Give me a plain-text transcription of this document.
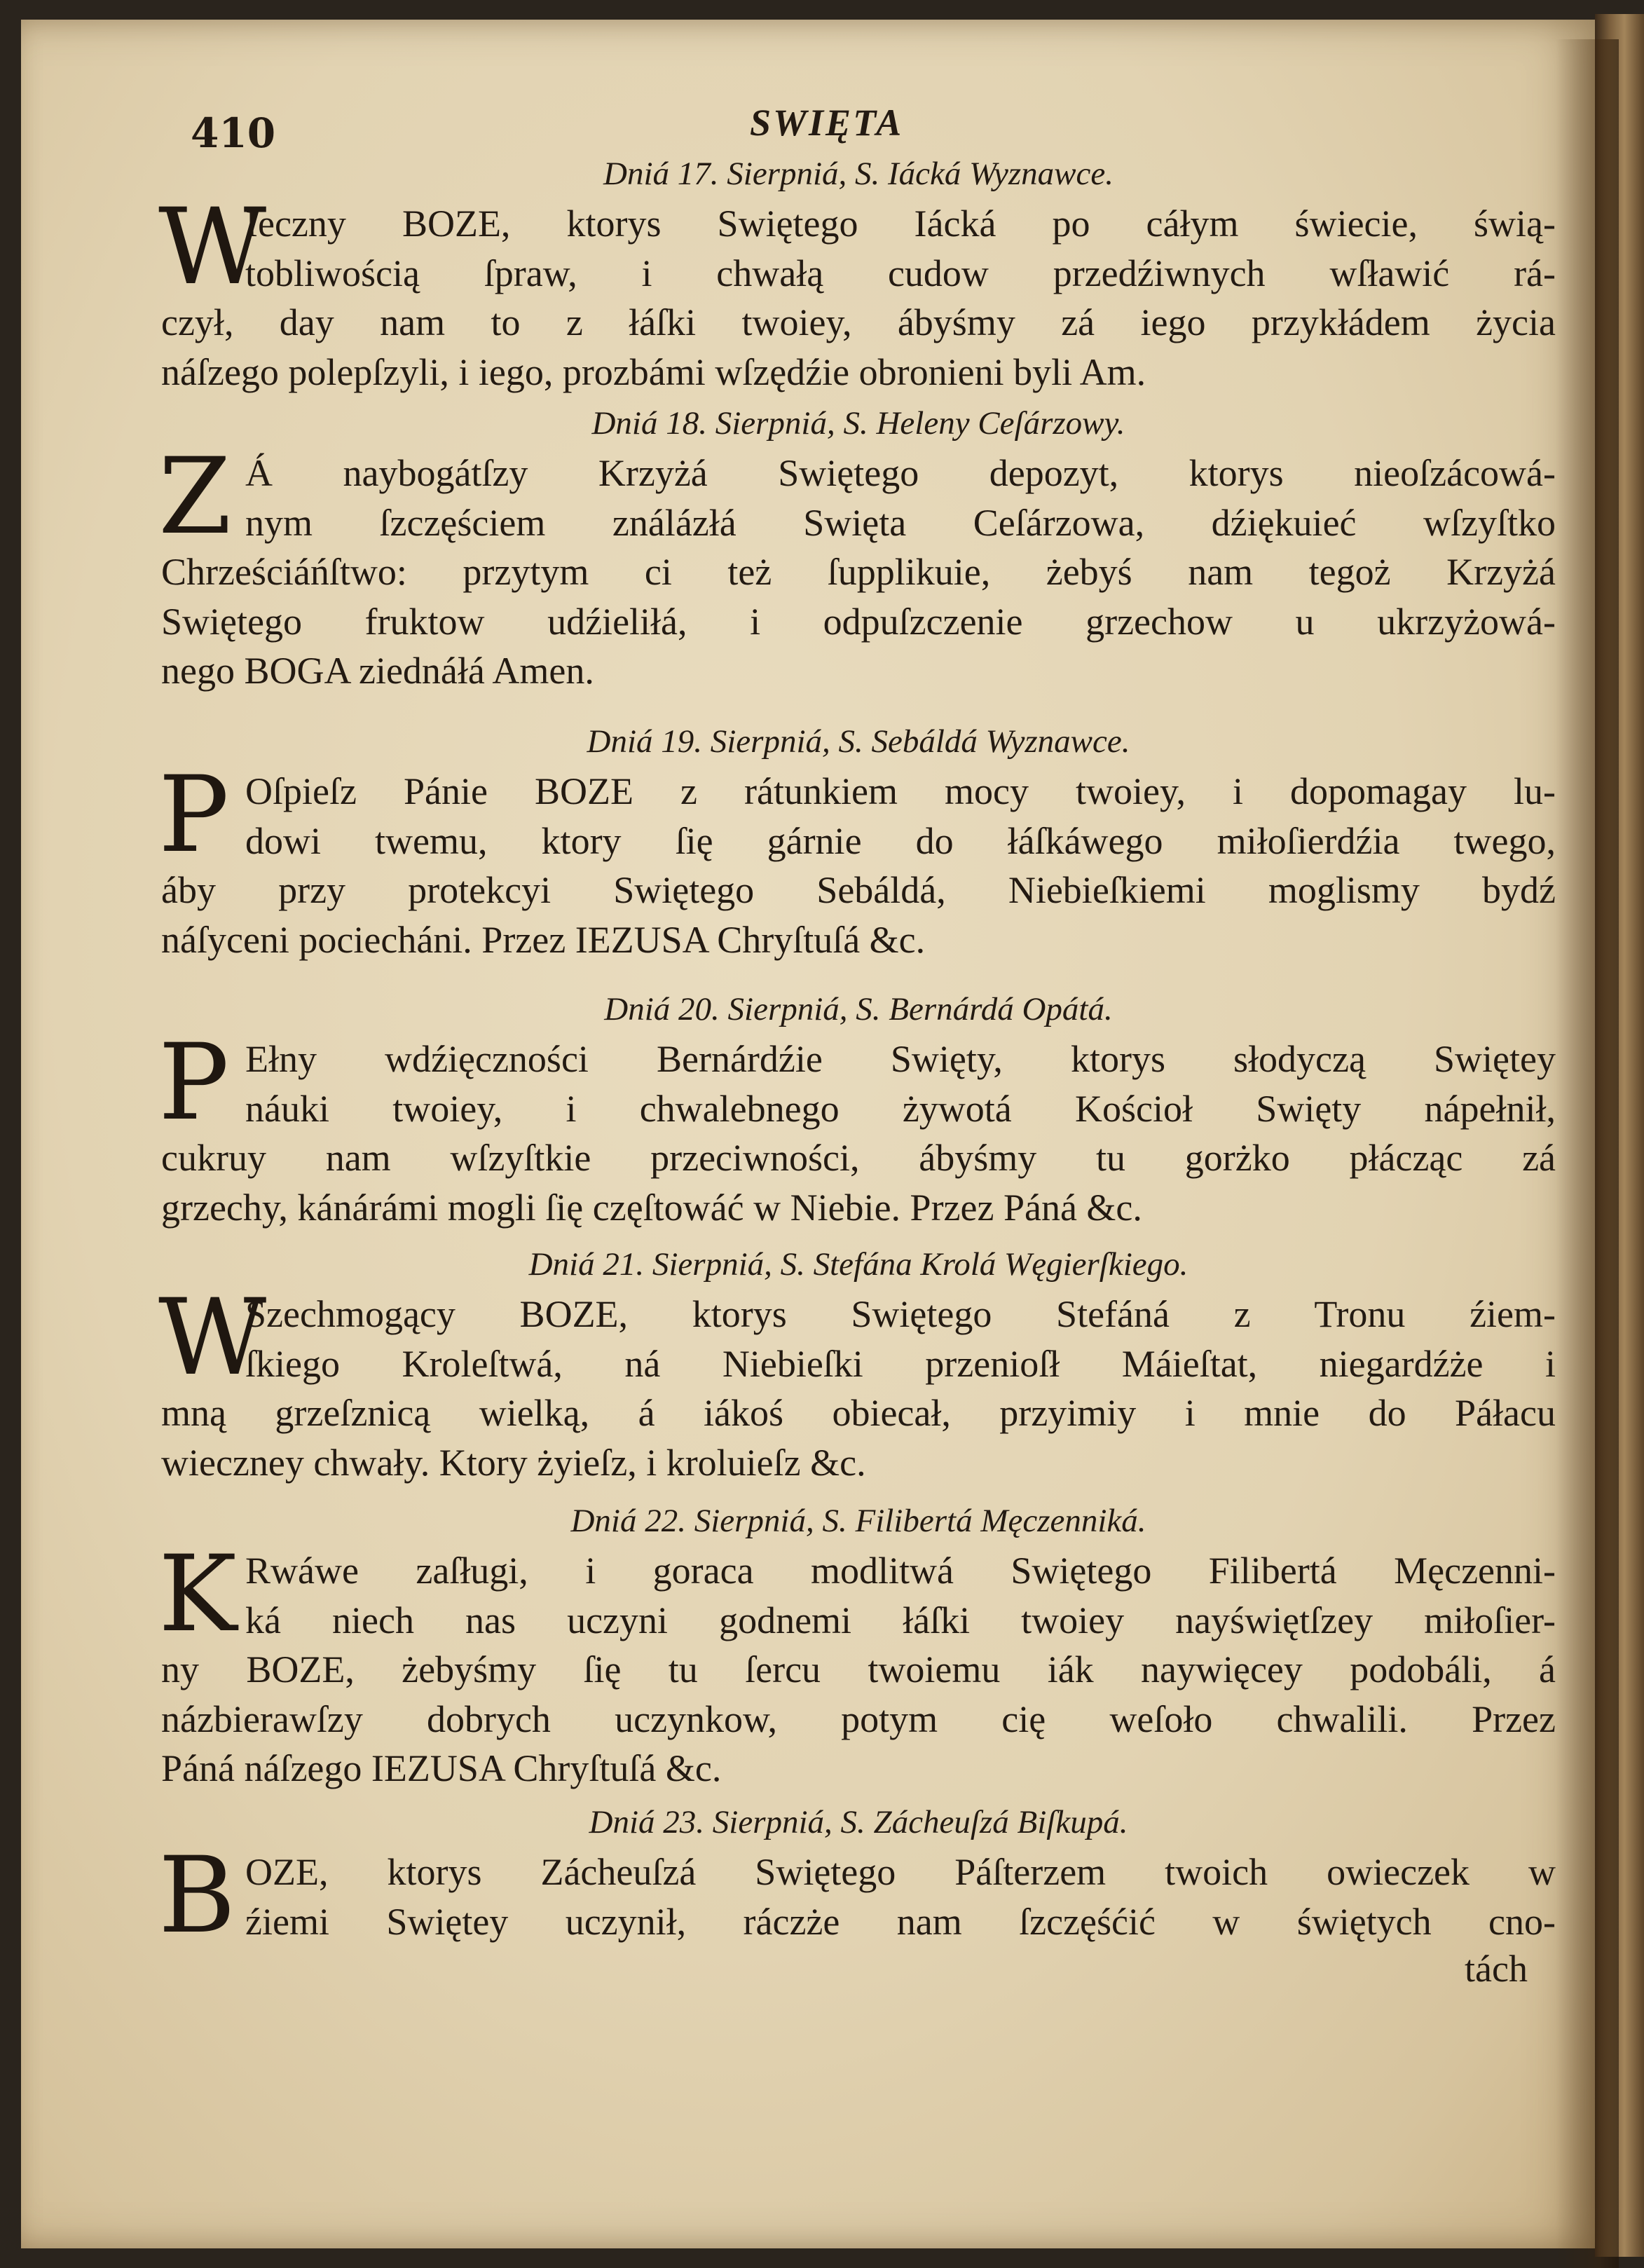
410	SWIĘTA
Dniá 17. Sierpniá, S. Iácká Wyznawce.
W
Ieczny BOZE, ktorys Swiętego Iácká po cáłym świecie, świą-
tobliwością ſpraw, i chwałą cudow przedźiwnych wſławić rá-
czył, day nam to z łáſki twoiey, ábyśmy zá iego przykłádem życia
náſzego polepſzyli, i iego, prozbámi wſzędźie obronieni byli Am.
Dniá 18. Sierpniá, S. Heleny Ceſárzowy.
Z Á naybogátſzy Krzyżá Swiętego depozyt, ktorys nieoſzácowá-
nym ſzczęściem ználázłá Swięta Ceſárzowa, dźiękuieć wſzyſtko
Chrześciáńſtwo: przytym ci też ſupplikuie, żebyś nam tegoż Krzyżá
Swiętego fruktow udźieliłá, i odpuſzczenie grzechow u ukrzyżowá-
nego BOGA ziednáłá Amen.
Dniá 19. Sierpniá, S. Sebáldá Wyznawce.
P Oſpieſz Pánie BOZE z rátunkiem mocy twoiey, i dopomagay lu-
dowi twemu, ktory ſię gárnie do łáſkáwego miłoſierdźia twego,
áby przy protekcyi Swiętego Sebáldá, Niebieſkiemi moglismy bydź
náſyceni pociecháni. Przez IEZUSA Chryſtuſá &c.
Dniá 20. Sierpniá, S. Bernárdá Opátá.
P Ełny wdźięczności Bernárdźie Swięty, ktorys słodyczą Swiętey
náuki twoiey, i chwalebnego żywotá Kościoł Swięty nápełnił,
cukruy nam wſzyſtkie przeciwności, ábyśmy tu gorżko płácząc zá
grzechy, kánárámi mogli ſię częſtowáć w Niebie. Przez Páná &c.
Dniá 21. Sierpniá, S. Stefána Krolá Węgierſkiego.
W
Szechmogący BOZE, ktorys Swiętego Stefáná z Tronu źiem-
ſkiego Kroleſtwá, ná Niebieſki przenioſł Máieſtat, niegardźże i
mną grzeſznicą wielką, á iákoś obiecał, przyimiy i mnie do Páłacu
wieczney chwały. Ktory żyieſz, i kroluieſz &c.
Dniá 22. Sierpniá, S. Filibertá Męczenniká.
K Rwáwe zaſługi, i goraca modlitwá Swiętego Filibertá Męczenni-
ká niech nas uczyni godnemi łáſki twoiey nayświętſzey miłoſier-
ny BOZE, żebyśmy ſię tu ſercu twoiemu iák naywięcey podobáli, á
názbierawſzy dobrych uczynkow, potym cię weſoło chwalili. Przez
Páná náſzego IEZUSA Chryſtuſá &c.
Dniá 23. Sierpniá, S. Zácheuſzá Biſkupá.
B OZE, ktorys Zácheuſzá Swiętego Páſterzem twoich owieczek w
źiemi Swiętey uczynił, ráczże nam ſzczęśćić w świętych cno-
tách
